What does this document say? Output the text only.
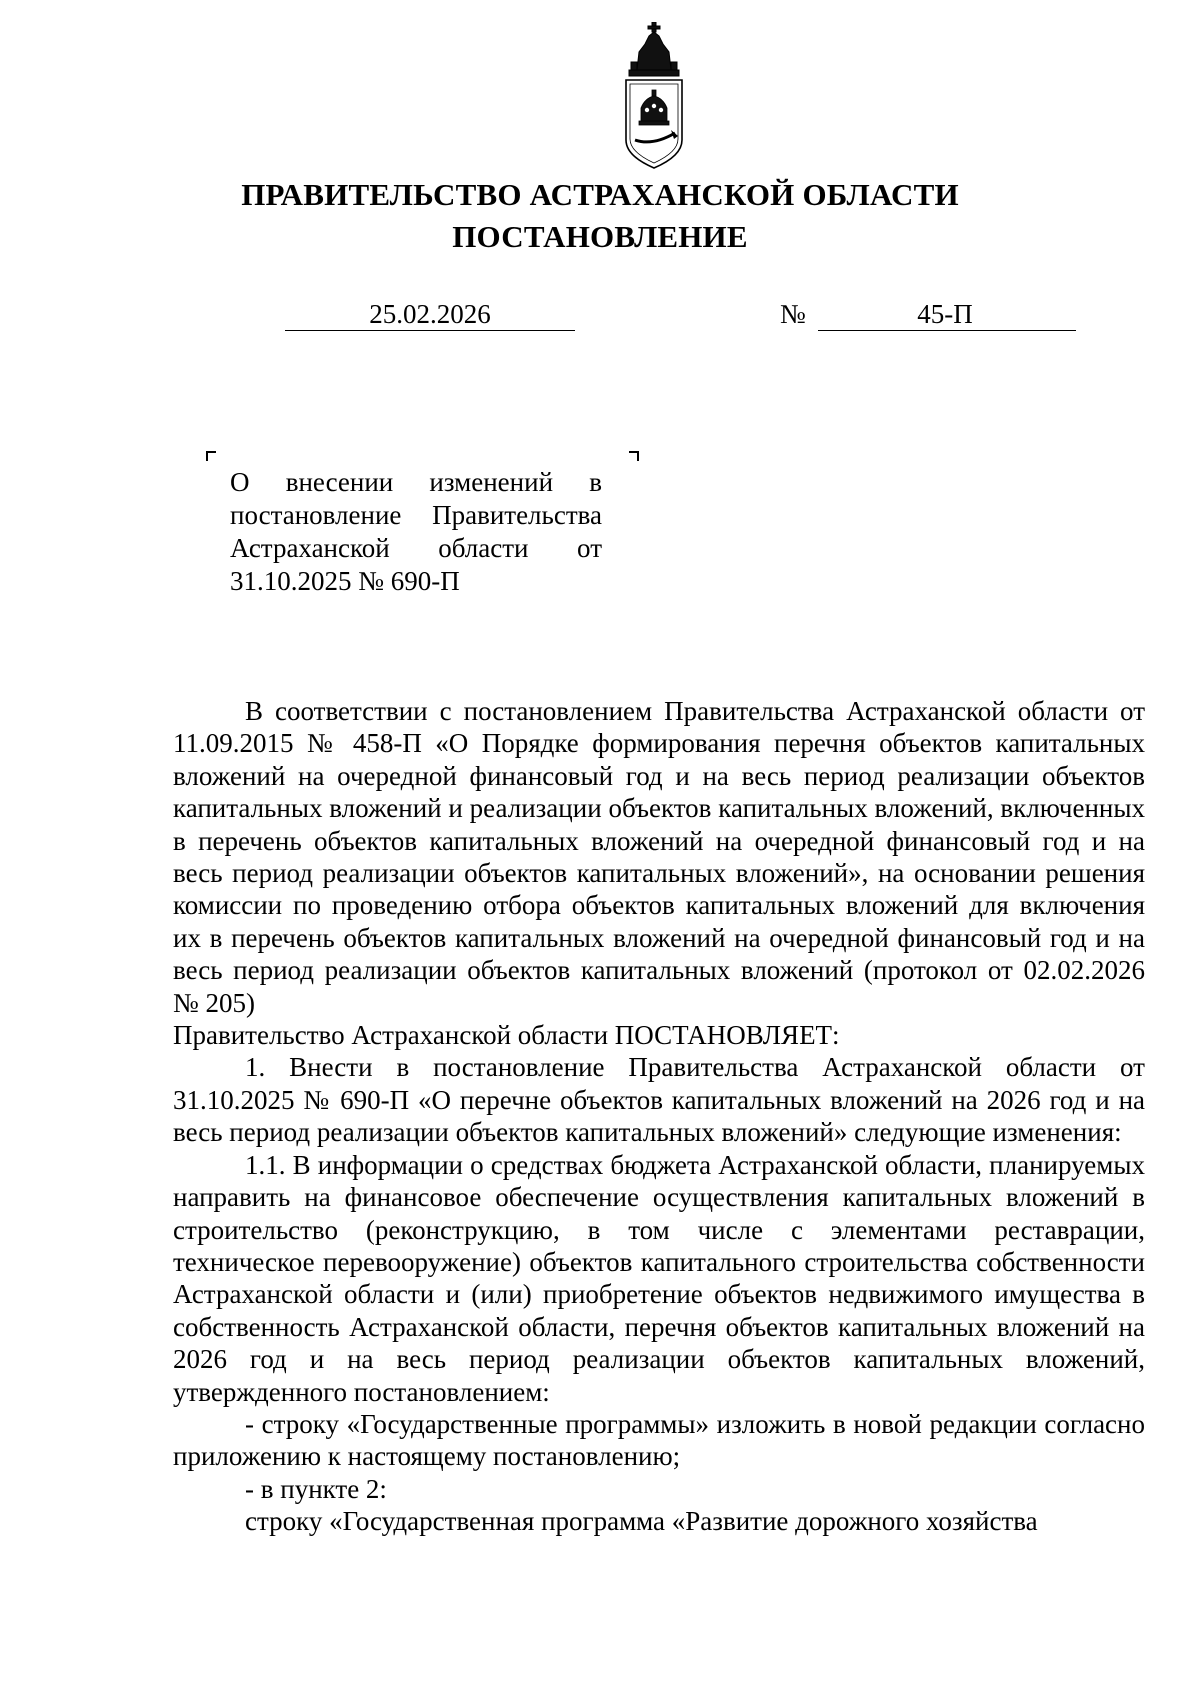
ПРАВИТЕЛЬСТВО АСТРАХАНСКОЙ ОБЛАСТИ
ПОСТАНОВЛЕНИЕ
25.02.2026	№	45-П
О внесении изменений в
постановление Правительства
Астраханской области от
31.10.2025 № 690-П

В соответствии с постановлением Правительства Астраханской области от 11.09.2015 № 458-П «О Порядке формирования перечня объектов капитальных вложений на очередной финансовый год и на весь период реализации объектов капитальных вложений и реализации объектов капитальных вложений, включенных в перечень объектов капитальных вложений на очередной финансовый год и на весь период реализации объектов капитальных вложений», на основании решения комиссии по проведению отбора объектов капитальных вложений для включения их в перечень объектов капитальных вложений на очередной финансовый год и на весь период реализации объектов капитальных вложений (протокол от 02.02.2026 № 205)

Правительство Астраханской области ПОСТАНОВЛЯЕТ:

1. Внести в постановление Правительства Астраханской области от 31.10.2025 № 690-П «О перечне объектов капитальных вложений на 2026 год и на весь период реализации объектов капитальных вложений» следующие изменения:

1.1. В информации о средствах бюджета Астраханской области, планируемых направить на финансовое обеспечение осуществления капитальных вложений в строительство (реконструкцию, в том числе с элементами реставрации, техническое перевооружение) объектов капитального строительства собственности Астраханской области и (или) приобретение объектов недвижимого имущества в собственность Астраханской области, перечня объектов капитальных вложений на 2026 год и на весь период реализации объектов капитальных вложений, утвержденного постановлением:

- строку «Государственные программы» изложить в новой редакции согласно приложению к настоящему постановлению;

- в пункте 2:

строку «Государственная программа «Развитие дорожного хозяйства
